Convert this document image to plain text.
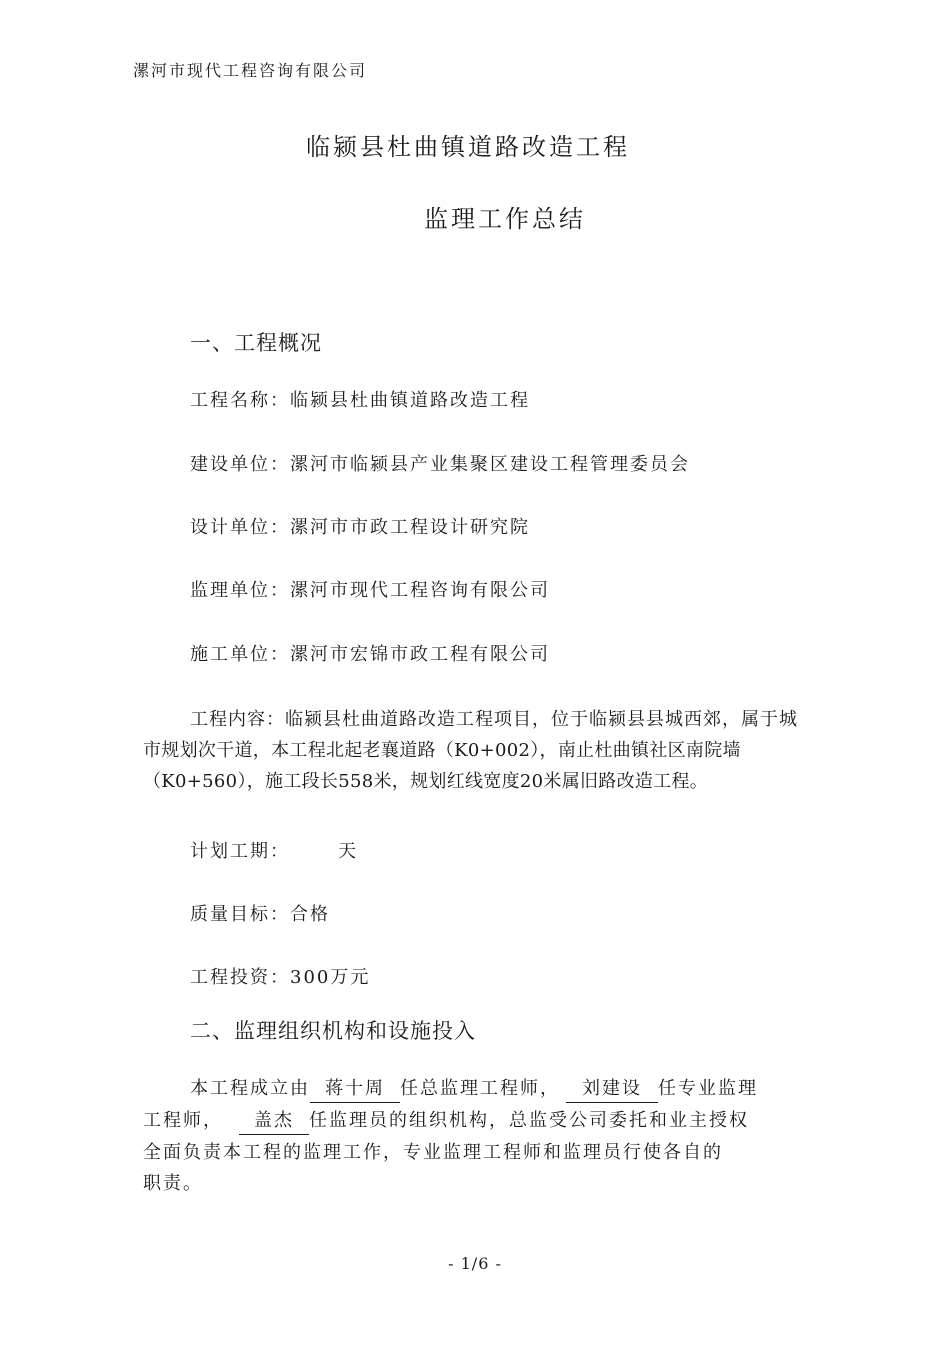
漯河市现代工程咨询有限公司
临颍县杜曲镇道路改造工程
监理工作总结
一、工程概况
工程名称：临颍县杜曲镇道路改造工程
建设单位：漯河市临颍县产业集聚区建设工程管理委员会
设计单位：漯河市市政工程设计研究院
监理单位：漯河市现代工程咨询有限公司
施工单位：漯河市宏锦市政工程有限公司
工程内容：临颍县杜曲道路改造工程项目，位于临颍县县城西郊，属于城
市规划次干道，本工程北起老襄道路（K0+002），南止杜曲镇社区南院墙
（K0+560），施工段长558米，规划红线宽度20米属旧路改造工程。
计划工期：	天
质量目标：合格
工程投资：300万元
二、监理组织机构和设施投入
本工程成立由 蒋十周 任总监理工程师， 刘建设 任专业监理
工程师， 盖杰 任监理员的组织机构，总监受公司委托和业主授权
全面负责本工程的监理工作，专业监理工程师和监理员行使各自的
职责。
- 1/6 -
